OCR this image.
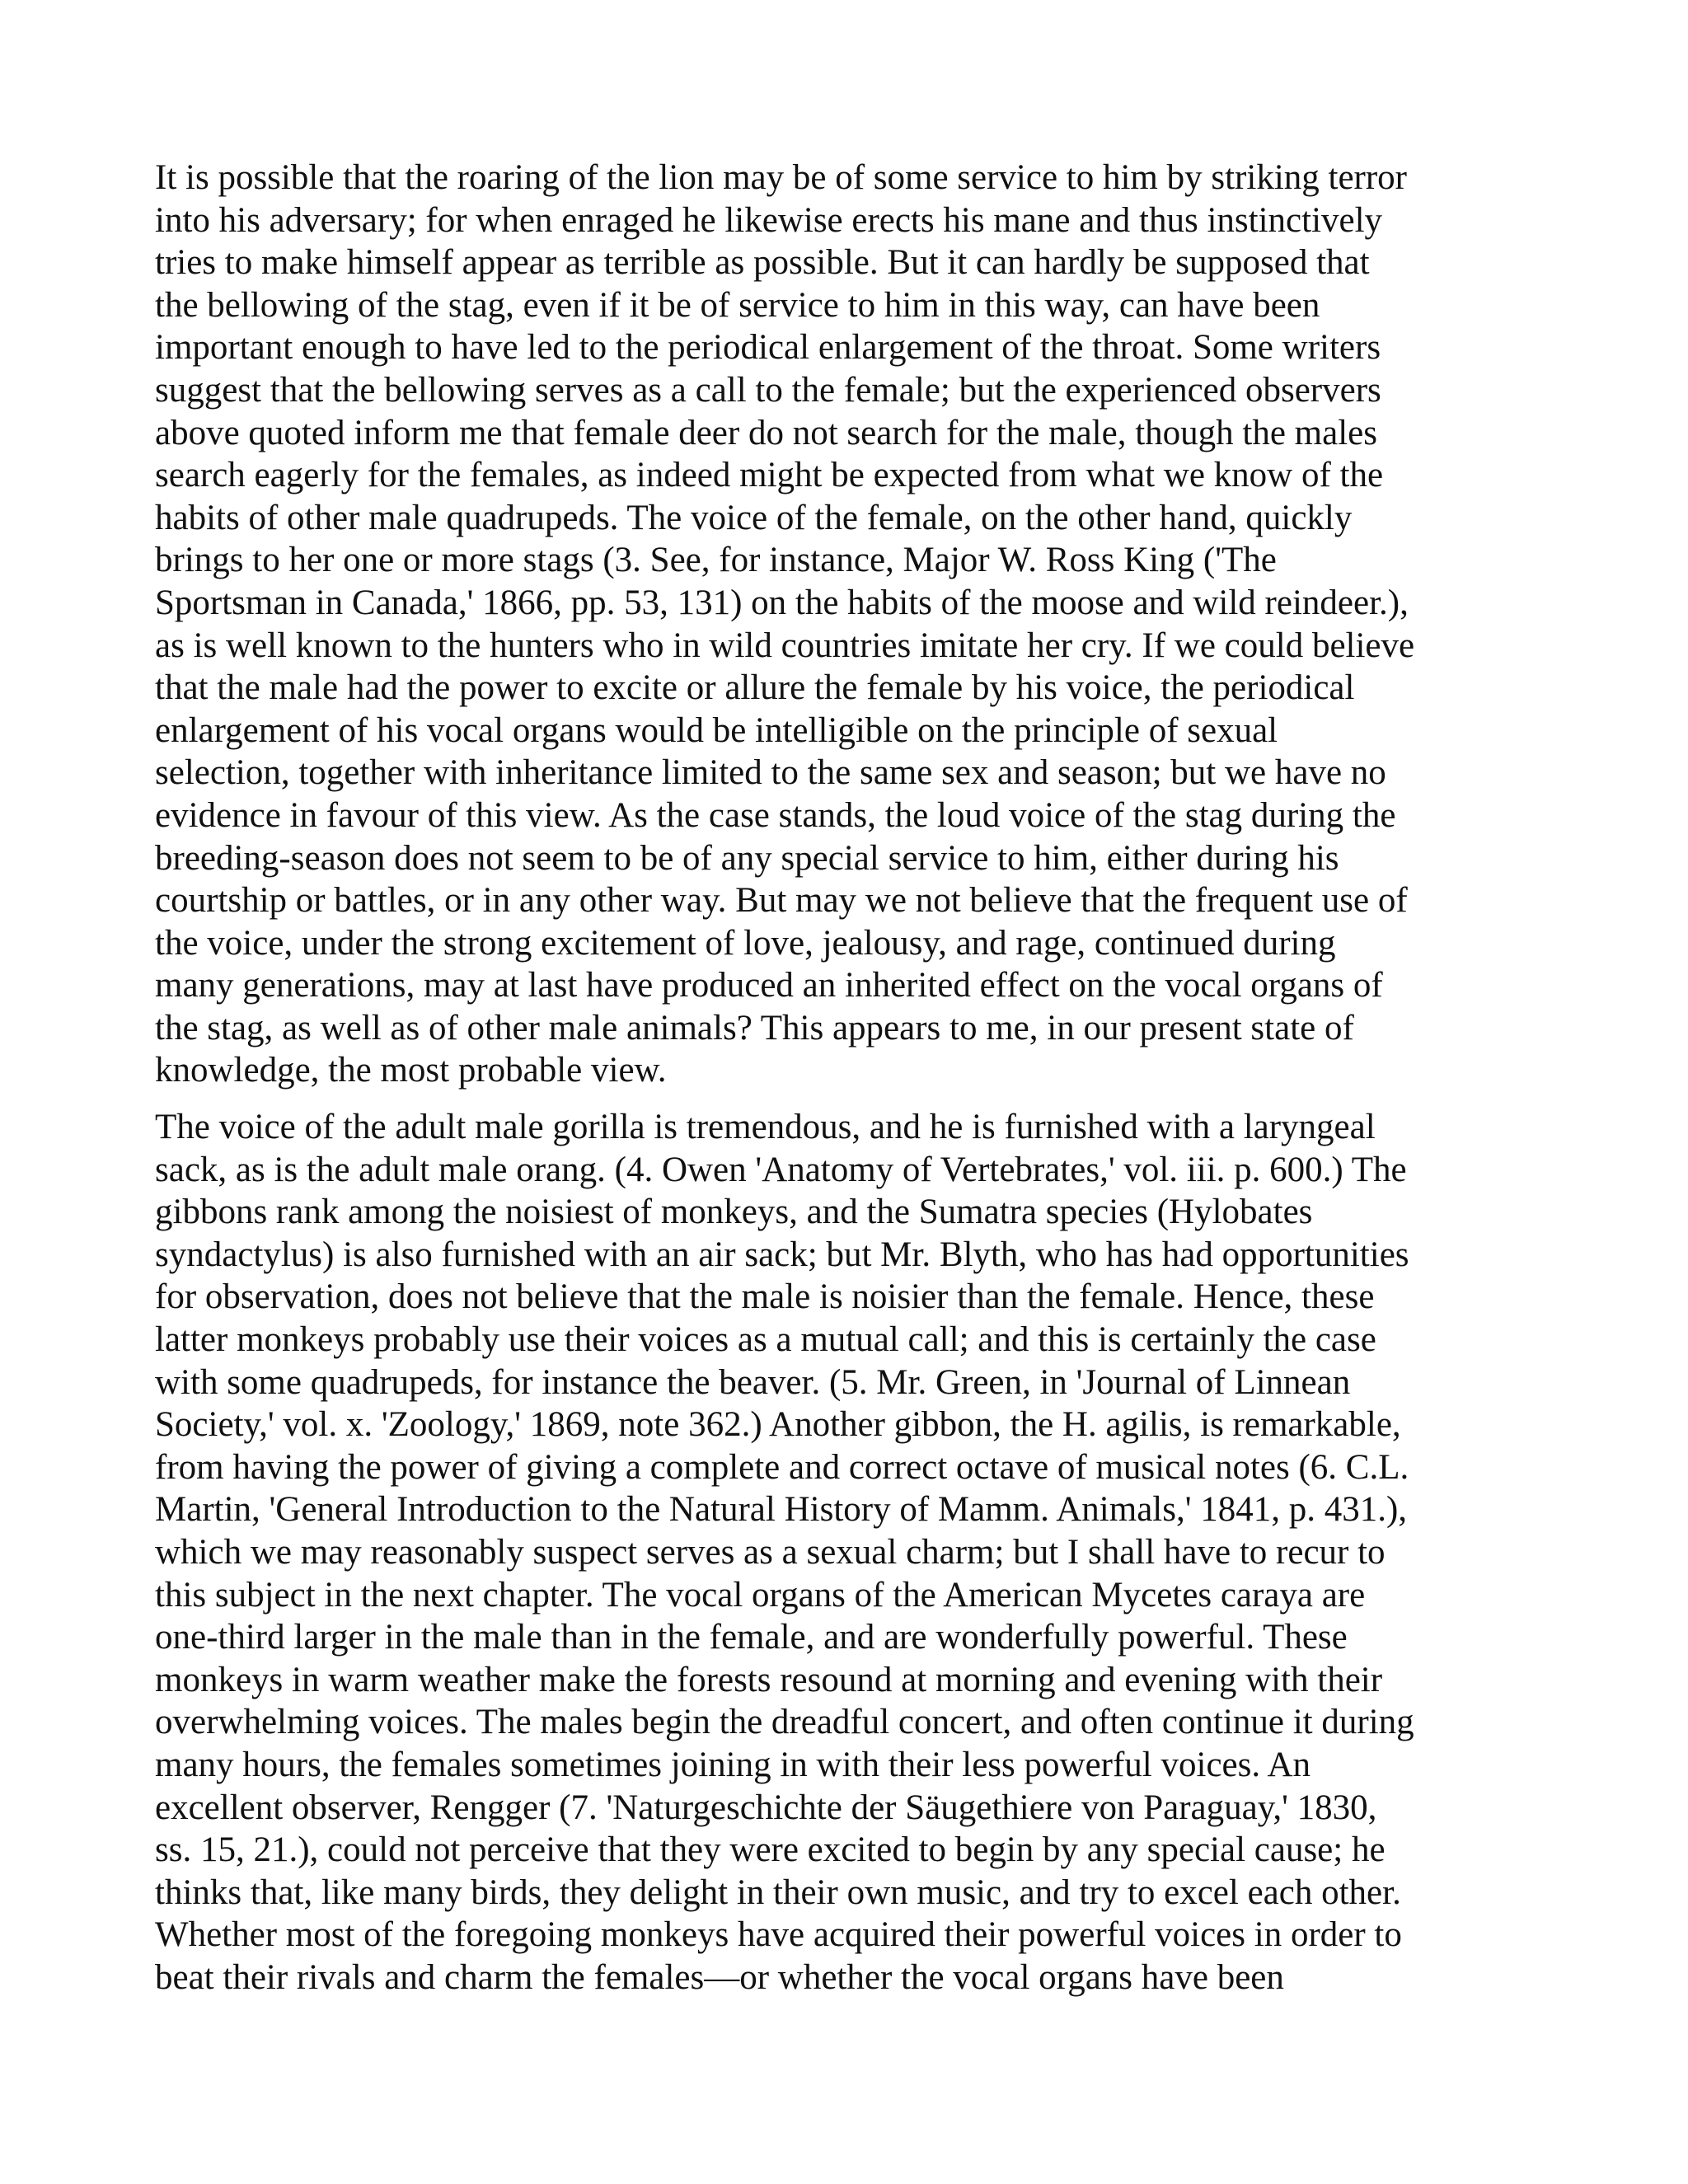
It is possible that the roaring of the lion may be of some service to him by striking terror
into his adversary; for when enraged he likewise erects his mane and thus instinctively
tries to make himself appear as terrible as possible. But it can hardly be supposed that
the bellowing of the stag, even if it be of service to him in this way, can have been
important enough to have led to the periodical enlargement of the throat. Some writers
suggest that the bellowing serves as a call to the female; but the experienced observers
above quoted inform me that female deer do not search for the male, though the males
search eagerly for the females, as indeed might be expected from what we know of the
habits of other male quadrupeds. The voice of the female, on the other hand, quickly
brings to her one or more stags (3. See, for instance, Major W. Ross King ('The
Sportsman in Canada,' 1866, pp. 53, 131) on the habits of the moose and wild reindeer.),
as is well known to the hunters who in wild countries imitate her cry. If we could believe
that the male had the power to excite or allure the female by his voice, the periodical
enlargement of his vocal organs would be intelligible on the principle of sexual
selection, together with inheritance limited to the same sex and season; but we have no
evidence in favour of this view. As the case stands, the loud voice of the stag during the
breeding-season does not seem to be of any special service to him, either during his
courtship or battles, or in any other way. But may we not believe that the frequent use of
the voice, under the strong excitement of love, jealousy, and rage, continued during
many generations, may at last have produced an inherited effect on the vocal organs of
the stag, as well as of other male animals? This appears to me, in our present state of
knowledge, the most probable view.

The voice of the adult male gorilla is tremendous, and he is furnished with a laryngeal
sack, as is the adult male orang. (4. Owen 'Anatomy of Vertebrates,' vol. iii. p. 600.) The
gibbons rank among the noisiest of monkeys, and the Sumatra species (Hylobates
syndactylus) is also furnished with an air sack; but Mr. Blyth, who has had opportunities
for observation, does not believe that the male is noisier than the female. Hence, these
latter monkeys probably use their voices as a mutual call; and this is certainly the case
with some quadrupeds, for instance the beaver. (5. Mr. Green, in 'Journal of Linnean
Society,' vol. x. 'Zoology,' 1869, note 362.) Another gibbon, the H. agilis, is remarkable,
from having the power of giving a complete and correct octave of musical notes (6. C.L.
Martin, 'General Introduction to the Natural History of Mamm. Animals,' 1841, p. 431.),
which we may reasonably suspect serves as a sexual charm; but I shall have to recur to
this subject in the next chapter. The vocal organs of the American Mycetes caraya are
one-third larger in the male than in the female, and are wonderfully powerful. These
monkeys in warm weather make the forests resound at morning and evening with their
overwhelming voices. The males begin the dreadful concert, and often continue it during
many hours, the females sometimes joining in with their less powerful voices. An
excellent observer, Rengger (7. 'Naturgeschichte der Säugethiere von Paraguay,' 1830,
ss. 15, 21.), could not perceive that they were excited to begin by any special cause; he
thinks that, like many birds, they delight in their own music, and try to excel each other.
Whether most of the foregoing monkeys have acquired their powerful voices in order to
beat their rivals and charm the females—or whether the vocal organs have been
